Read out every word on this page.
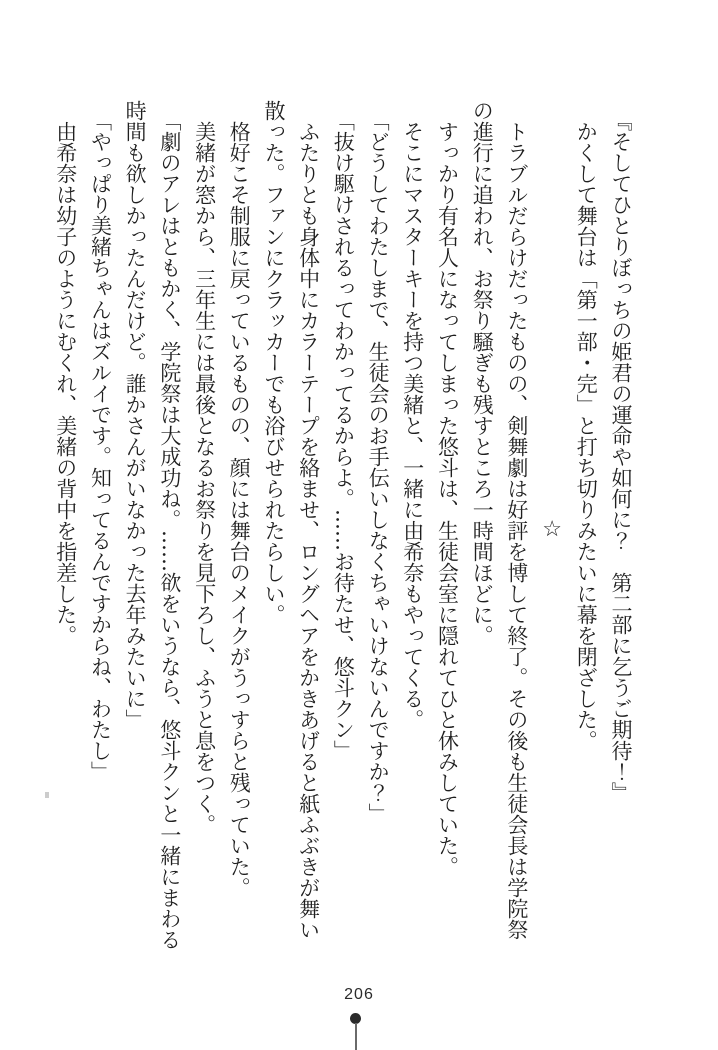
『そしてひとりぼっちの姫君の運命や如何に？　第二部に乞うご期待！』

かくして舞台は「第一部・完」と打ち切りみたいに幕を閉ざした。

☆

トラブルだらけだったものの、剣舞劇は好評を博して終了。その後も生徒会長は学院祭

の進行に追われ、お祭り騒ぎも残すところ一時間ほどに。

すっかり有名人になってしまった悠斗は、生徒会室に隠れてひと休みしていた。

そこにマスターキーを持つ美緒と、一緒に由希奈もやってくる。

「どうしてわたしまで、生徒会のお手伝いしなくちゃいけないんですか？」

「抜け駆けされるってわかってるからよ。……お待たせ、悠斗クン」

ふたりとも身体中にカラーテープを絡ませ、ロングヘアをかきあげると紙ふぶきが舞い

散った。ファンにクラッカーでも浴びせられたらしい。

格好こそ制服に戻っているものの、顔には舞台のメイクがうっすらと残っていた。

美緒が窓から、三年生には最後となるお祭りを見下ろし、ふうと息をつく。

「劇のアレはともかく、学院祭は大成功ね。……欲をいうなら、悠斗クンと一緒にまわる

時間も欲しかったんだけど。誰かさんがいなかった去年みたいに」

「やっぱり美緒ちゃんはズルイです。知ってるんですからね、わたし」

由希奈は幼子のようにむくれ、美緒の背中を指差した。

206
